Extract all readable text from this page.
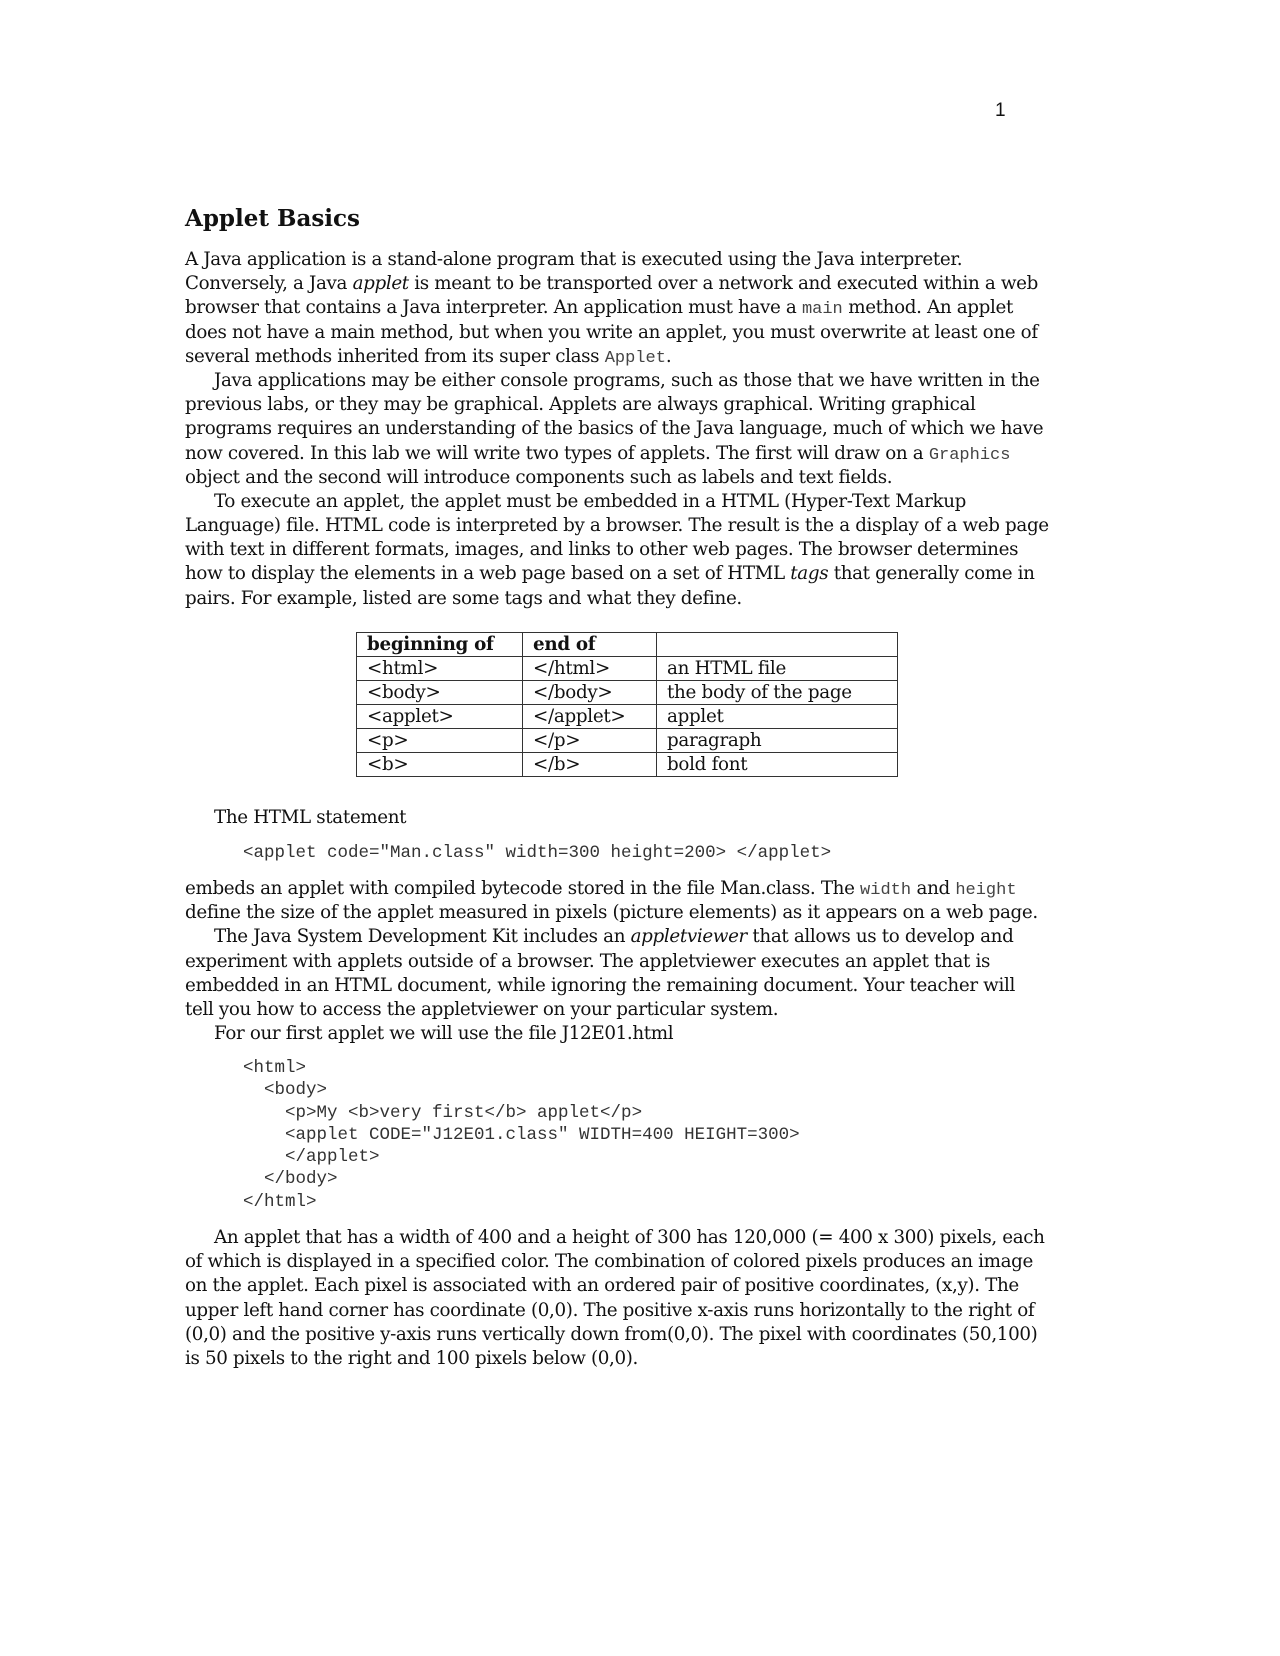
1
Applet Basics
A Java application is a stand-alone program that is executed using the Java interpreter.
Conversely, a Java applet is meant to be transported over a network and executed within a web
browser that contains a Java interpreter. An application must have a main method. An applet
does not have a main method, but when you write an applet, you must overwrite at least one of
several methods inherited from its super class Applet.
Java applications may be either console programs, such as those that we have written in the
previous labs, or they may be graphical. Applets are always graphical. Writing graphical
programs requires an understanding of the basics of the Java language, much of which we have
now covered. In this lab we will write two types of applets. The first will draw on a Graphics
object and the second will introduce components such as labels and text fields.
To execute an applet, the applet must be embedded in a HTML (Hyper-Text Markup
Language) file. HTML code is interpreted by a browser. The result is the a display of a web page
with text in different formats, images, and links to other web pages. The browser determines
how to display the elements in a web page based on a set of HTML tags that generally come in
pairs. For example, listed are some tags and what they define.
beginning of	end of	
<html>	</html>	an HTML file
<body>	</body>	the body of the page
<applet>	</applet>	applet
<p>	</p>	paragraph
<b>	</b>	bold font
The HTML statement
<applet code="Man.class" width=300 height=200> </applet>
embeds an applet with compiled bytecode stored in the file Man.class. The width and height
define the size of the applet measured in pixels (picture elements) as it appears on a web page.
The Java System Development Kit includes an appletviewer that allows us to develop and
experiment with applets outside of a browser. The appletviewer executes an applet that is
embedded in an HTML document, while ignoring the remaining document. Your teacher will
tell you how to access the appletviewer on your particular system.
For our first applet we will use the file J12E01.html
<html>
<body>
<p>My <b>very first</b> applet</p>
<applet CODE="J12E01.class" WIDTH=400 HEIGHT=300>
</applet>
</body>
</html>
An applet that has a width of 400 and a height of 300 has 120,000 (= 400 x 300) pixels, each
of which is displayed in a specified color. The combination of colored pixels produces an image
on the applet. Each pixel is associated with an ordered pair of positive coordinates, (x,y). The
upper left hand corner has coordinate (0,0). The positive x-axis runs horizontally to the right of
(0,0) and the positive y-axis runs vertically down from(0,0). The pixel with coordinates (50,100)
is 50 pixels to the right and 100 pixels below (0,0).
